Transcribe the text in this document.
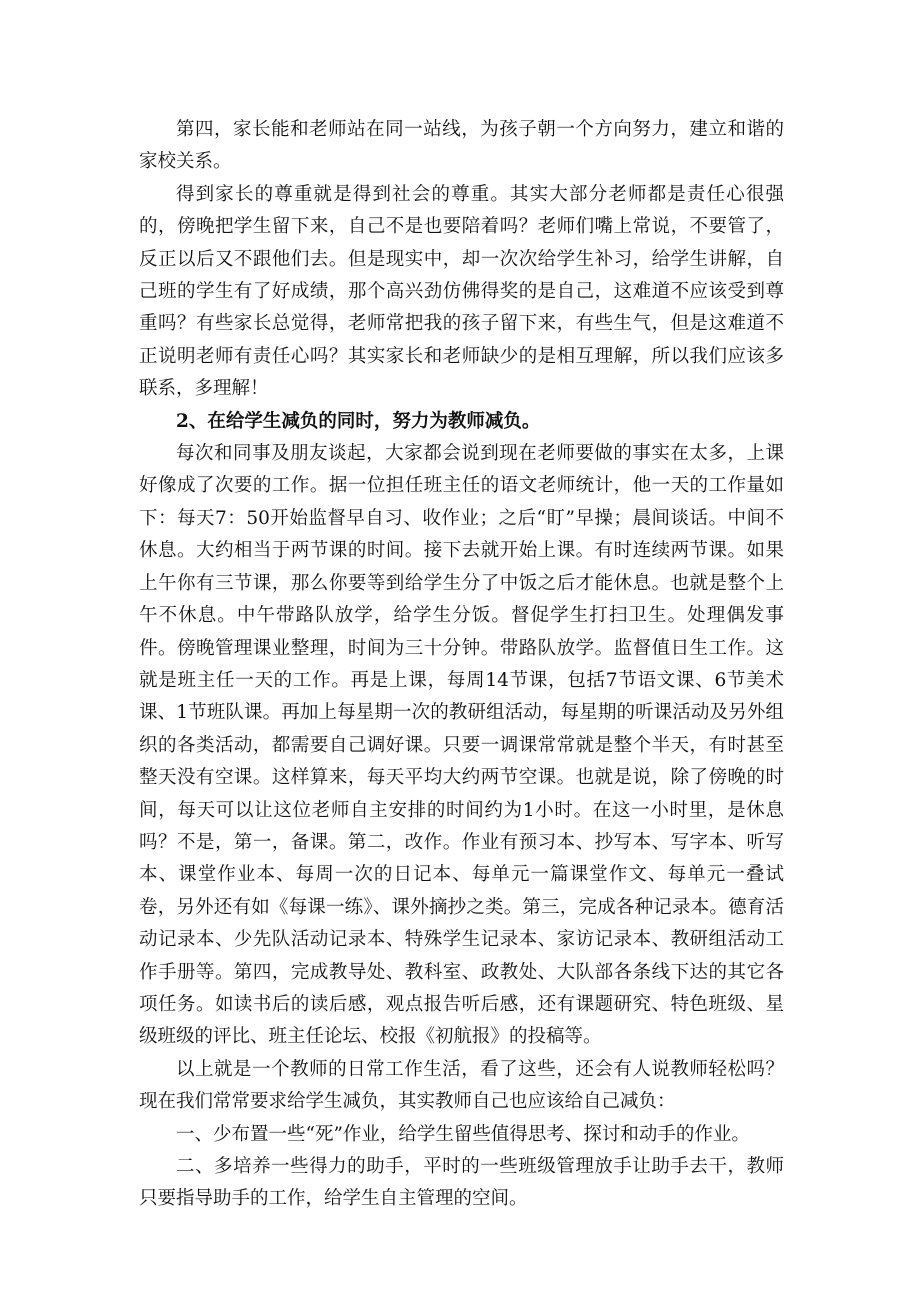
第四，家长能和老师站在同一站线，为孩子朝一个方向努力，建立和谐的家校关系。

得到家长的尊重就是得到社会的尊重。其实大部分老师都是责任心很强的，傍晚把学生留下来，自己不是也要陪着吗？老师们嘴上常说，不要管了，反正以后又不跟他们去。但是现实中，却一次次给学生补习，给学生讲解，自己班的学生有了好成绩，那个高兴劲仿佛得奖的是自己，这难道不应该受到尊重吗？有些家长总觉得，老师常把我的孩子留下来，有些生气，但是这难道不正说明老师有责任心吗？其实家长和老师缺少的是相互理解，所以我们应该多联系，多理解！

2、在给学生减负的同时，努力为教师减负。

每次和同事及朋友谈起，大家都会说到现在老师要做的事实在太多，上课好像成了次要的工作。据一位担任班主任的语文老师统计，他一天的工作量如下：每天7：50开始监督早自习、收作业；之后“盯”早操；晨间谈话。中间不休息。大约相当于两节课的时间。接下去就开始上课。有时连续两节课。如果上午你有三节课，那么你要等到给学生分了中饭之后才能休息。也就是整个上午不休息。中午带路队放学，给学生分饭。督促学生打扫卫生。处理偶发事件。傍晚管理课业整理，时间为三十分钟。带路队放学。监督值日生工作。这就是班主任一天的工作。再是上课，每周14节课，包括7节语文课、6节美术课、1节班队课。再加上每星期一次的教研组活动，每星期的听课活动及另外组织的各类活动，都需要自己调好课。只要一调课常常就是整个半天，有时甚至整天没有空课。这样算来，每天平均大约两节空课。也就是说，除了傍晚的时间，每天可以让这位老师自主安排的时间约为1小时。在这一小时里，是休息吗？不是，第一，备课。第二，改作。作业有预习本、抄写本、写字本、听写本、课堂作业本、每周一次的日记本、每单元一篇课堂作文、每单元一叠试卷，另外还有如《每课一练》、课外摘抄之类。第三，完成各种记录本。德育活动记录本、少先队活动记录本、特殊学生记录本、家访记录本、教研组活动工作手册等。第四，完成教导处、教科室、政教处、大队部各条线下达的其它各项任务。如读书后的读后感，观点报告听后感，还有课题研究、特色班级、星级班级的评比、班主任论坛、校报《初航报》的投稿等。

以上就是一个教师的日常工作生活，看了这些，还会有人说教师轻松吗？现在我们常常要求给学生减负，其实教师自己也应该给自己减负：

一、少布置一些“死”作业，给学生留些值得思考、探讨和动手的作业。

二、多培养一些得力的助手，平时的一些班级管理放手让助手去干，教师只要指导助手的工作，给学生自主管理的空间。
